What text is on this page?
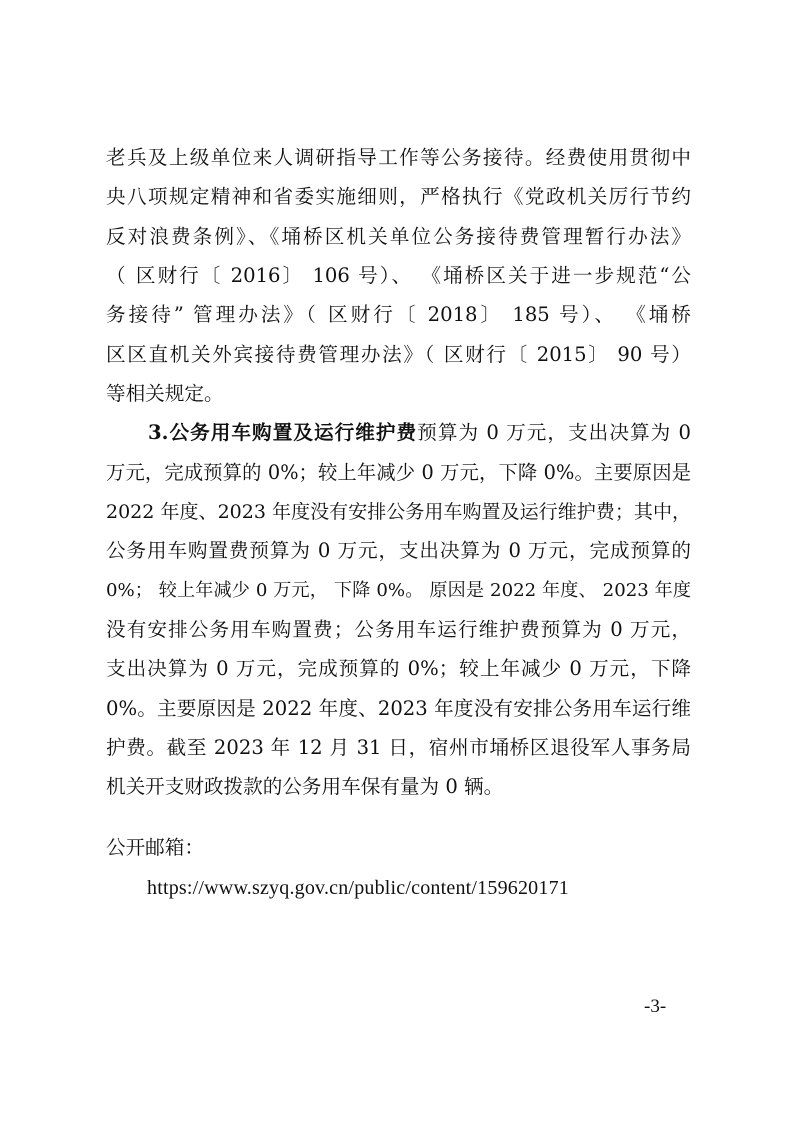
老兵及上级单位来人调研指导工作等公务接待。经费使用贯彻中
央八项规定精神和省委实施细则，严格执行《党政机关厉行节约
反对浪费条例》、《埇桥区机关单位公务接待费管理暂行办法》
（ 区财行〔 2016〕 106 号）、 《埇桥区关于进一步规范“公
务接待” 管理办法》（ 区财行〔 2018〕 185 号）、 《埇桥
区区直机关外宾接待费管理办法》（ 区财行〔 2015〕 90 号）
等相关规定。
3.公务用车购置及运行维护费预算为 0 万元，支出决算为 0
万元，完成预算的 0%；较上年减少 0 万元，下降 0%。主要原因是
2022 年度、2023 年度没有安排公务用车购置及运行维护费；其中，
公务用车购置费预算为 0 万元，支出决算为 0 万元，完成预算的
0%； 较上年减少 0 万元， 下降 0%。 原因是 2022 年度、 2023 年度
没有安排公务用车购置费；公务用车运行维护费预算为 0 万元，
支出决算为 0 万元，完成预算的 0%；较上年减少 0 万元，下降
0%。主要原因是 2022 年度、2023 年度没有安排公务用车运行维
护费。截至 2023 年 12 月 31 日，宿州市埇桥区退役军人事务局
机关开支财政拨款的公务用车保有量为 0 辆。
公开邮箱：
https://www.szyq.gov.cn/public/content/159620171
-3-
